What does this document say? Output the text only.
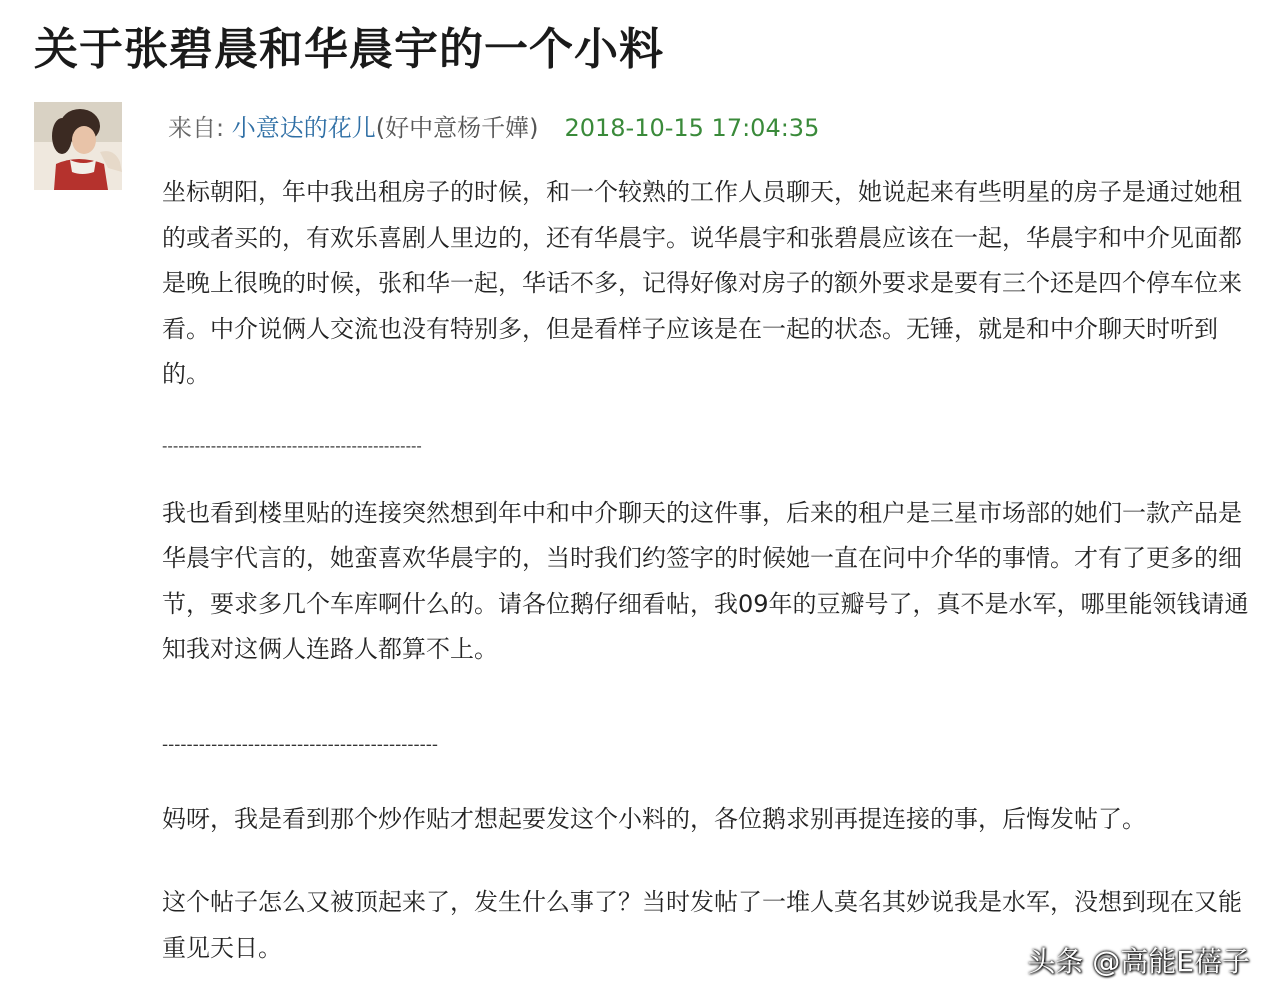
关于张碧晨和华晨宇的一个小料
来自: 小意达的花儿(好中意杨千嬅) 2018-10-15 17:04:35

坐标朝阳，年中我出租房子的时候，和一个较熟的工作人员聊天，她说起来有些明星的房子是通过她租的或者买的，有欢乐喜剧人里边的，还有华晨宇。说华晨宇和张碧晨应该在一起，华晨宇和中介见面都是晚上很晚的时候，张和华一起，华话不多，记得好像对房子的额外要求是要有三个还是四个停车位来看。中介说俩人交流也没有特别多，但是看样子应该是在一起的状态。无锤，就是和中介聊天时听到的。

------------------------------------------------

我也看到楼里贴的连接突然想到年中和中介聊天的这件事，后来的租户是三星市场部的她们一款产品是华晨宇代言的，她蛮喜欢华晨宇的，当时我们约签字的时候她一直在问中介华的事情。才有了更多的细节，要求多几个车库啊什么的。请各位鹅仔细看帖，我09年的豆瓣号了，真不是水军，哪里能领钱请通知我对这俩人连路人都算不上。

---------------------------------------------

妈呀，我是看到那个炒作贴才想起要发这个小料的，各位鹅求别再提连接的事，后悔发帖了。

这个帖子怎么又被顶起来了，发生什么事了？当时发帖了一堆人莫名其妙说我是水军，没想到现在又能重见天日。	头条 @高能E蓓子
